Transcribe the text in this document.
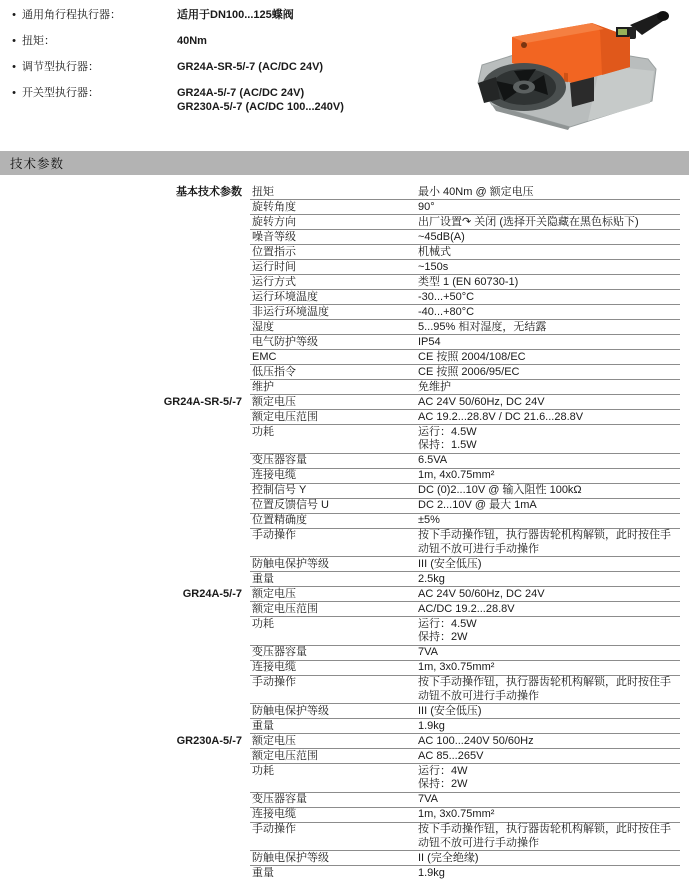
• 通用角行程执行器：	适用于DN100...125蝶阀
• 扭矩：	40Nm
• 调节型执行器：	GR24A-SR-5/-7 (AC/DC 24V)
• 开关型执行器：	GR24A-5/-7 (AC/DC 24V)
GR230A-5/-7 (AC/DC 100...240V)
技术参数
基本技术参数 扭矩	最小 40Nm @ 额定电压
旋转角度	90°
旋转方向	出厂设置↷ 关闭 (选择开关隐藏在黑色标贴下)
噪音等级	~45dB(A)
位置指示	机械式
运行时间	~150s
运行方式	类型 1 (EN 60730-1)
运行环境温度	-30...+50°C
非运行环境温度	-40...+80°C
湿度	5...95% 相对湿度，无结露
电气防护等级	IP54
EMC	CE 按照 2004/108/EC
低压指令	CE 按照 2006/95/EC
维护	免维护
GR24A-SR-5/-7 额定电压	AC 24V 50/60Hz, DC 24V
额定电压范围	AC 19.2...28.8V / DC 21.6...28.8V
功耗	运行：4.5W
保持：1.5W
变压器容量	6.5VA
连接电缆	1m, 4x0.75mm²
控制信号 Y	DC (0)2...10V @ 输入阻性 100kΩ
位置反馈信号 U	DC 2...10V @ 最大 1mA
位置精确度	±5%
手动操作	按下手动操作钮，执行器齿轮机构解锁，此时按住手动钮不放可进行手动操作
防触电保护等级	III (安全低压)
重量	2.5kg
GR24A-5/-7 额定电压	AC 24V 50/60Hz, DC 24V
额定电压范围	AC/DC 19.2...28.8V
功耗	运行：4.5W
保持：2W
变压器容量	7VA
连接电缆	1m, 3x0.75mm²
手动操作	按下手动操作钮，执行器齿轮机构解锁，此时按住手动钮不放可进行手动操作
防触电保护等级	III (安全低压)
重量	1.9kg
GR230A-5/-7 额定电压	AC 100...240V 50/60Hz
额定电压范围	AC 85...265V
功耗	运行：4W
保持：2W
变压器容量	7VA
连接电缆	1m, 3x0.75mm²
手动操作	按下手动操作钮，执行器齿轮机构解锁，此时按住手动钮不放可进行手动操作
防触电保护等级	II (完全绝缘)
重量	1.9kg
